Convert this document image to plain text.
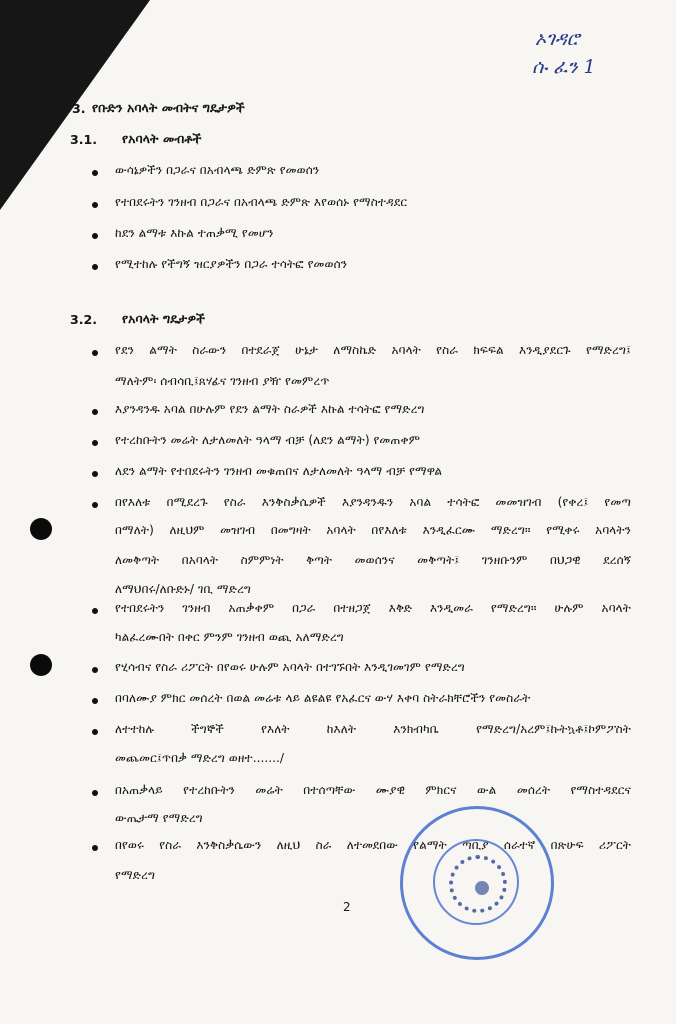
ኦገዳሮ
ሱ ፈን 1
3. የቡድን አባላት መብትና ግዴታዎች
3.1. የአባላት መብቶች
ውሳኔዎችን በጋራና በአብላጫ ድምጽ የመወሰን
የተበደሩትን ገንዘብ በጋራና በአብላጫ ድምጽ እየወሰኑ የማስተዳደር
ከደን ልማቱ እኩል ተጠቃሚ የመሆን
የሚተከሉ የችግኝ ዝርያዎችን በጋራ ተሳትፎ የመወሰን
3.2. የአባላት ግዴታዎች
የደን ልማት ስራውን በተደራጀ ሁኔታ ለማስኬድ አባላት የስራ ክፍፍል እንዲያደርጉ የማድረግ፤
ማለትም፡ ሰብሳቢ፤ጸሃፊና ገንዘብ ያዥ የመምረጥ
እያንዳንዱ አባል በሁሉም የደን ልማት ስራዎች እኩል ተሳትፎ የማድረግ
የተረከቡትን መሬት ለታለመለት ዓላማ ብቻ (ለደን ልማት) የመጠቀም
ለደን ልማት የተበደሩትን ገንዘብ መቁጠበና ለታለመለት ዓላማ ብቻ የማዋል
በየእለቱ በሚደረጉ የስራ እንቅስቃሴዎች እያንዳንዱን አባል ተሳትፎ መመዝገብ (የቀረ፤ የመጣ
በማለት) ለዚህም መዝገብ በመግዛት አባላት በየእለቱ እንዲፈርሙ ማድረግ። የሚቀሩ አባላትን
ለመቅጣት በአባላት ስምምነት ቅጣት መወሰንና መቅጣት፤ ገንዘቡንም በህጋዊ ደረሰኝ
ለማህበሩ/ለቡድኑ/ ገቢ ማድረግ
የተበደሩትን ገንዘብ አጠቃቀም በጋራ በተዘጋጀ እቅድ እንዲመራ የማድረግ። ሁሉም አባላት
ካልፈረሙበት በቀር ምንም ገንዘብ ወጪ አለማድረግ
የሂሳብና የስራ ሪፖርት በየወሩ ሁሉም አባላት በተገኙበት እንዲገመገም የማድረግ
በባለሙያ ምክር መሰረት በወል መሬቱ ላይ ልዩልዩ የአፈርና ውሃ እቀባ ስትራክቸሮችን የመስራት
ለተተከሉ ችግኞች የእለት ከእለት እንክብካቤ የማድረግ/አረም፤ኩትኳቶ፤ኮምፖስት
መጨመር፤ጥበቃ ማድረግ ወዘተ......./
በአጠቃላይ የተረከቡትን መሬት በተሰጣቸው ሙያዊ ምክርና ውል መሰረት የማስተዳደርና
ውጤታማ የማድረግ
በየወሩ የስራ እንቅስቃሴውን ለዚህ ስራ ለተመደበው የልማት ጣቢያ ሰራተኛ በጽሁፍ ሪፖርት
የማድረግ
2
